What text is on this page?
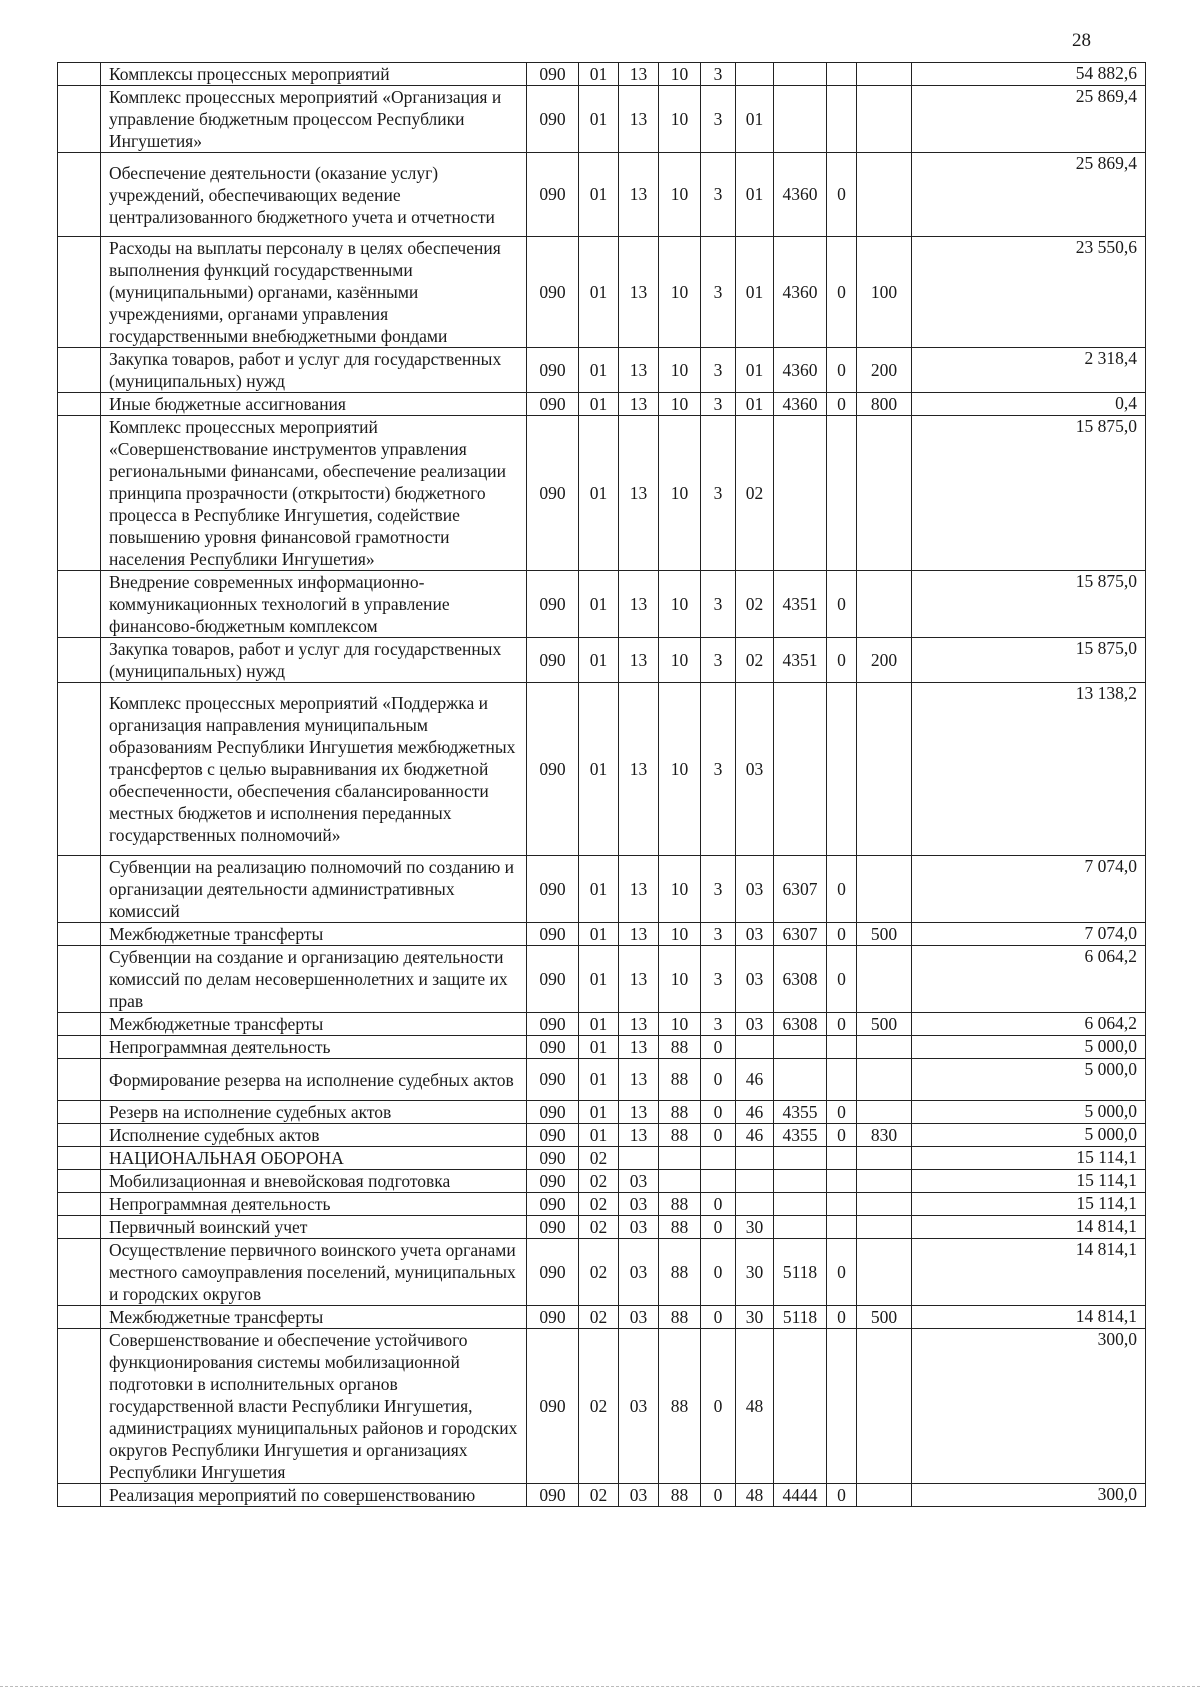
28
	Комплексы процессных мероприятий	090	01	13	10	3					54 882,6
	Комплекс процессных мероприятий «Организация и управление бюджетным процессом Республики Ингушетия»	090	01	13	10	3	01				25 869,4
	Обеспечение деятельности (оказание услуг) учреждений, обеспечивающих ведение централизованного бюджетного учета и отчетности	090	01	13	10	3	01	4360	0		25 869,4
	Расходы на выплаты персоналу в целях обеспечения выполнения функций государственными (муниципальными) органами, казёнными учреждениями, органами управления государственными внебюджетными фондами	090	01	13	10	3	01	4360	0	100	23 550,6
	Закупка товаров, работ и услуг для государственных (муниципальных) нужд	090	01	13	10	3	01	4360	0	200	2 318,4
	Иные бюджетные ассигнования	090	01	13	10	3	01	4360	0	800	0,4
	Комплекс процессных мероприятий «Совершенствование инструментов управления региональными финансами, обеспечение реализации принципа прозрачности (открытости) бюджетного процесса в Республике Ингушетия, содействие повышению уровня финансовой грамотности населения Республики Ингушетия»	090	01	13	10	3	02				15 875,0
	Внедрение современных информационно-коммуникационных технологий в управление финансово-бюджетным комплексом	090	01	13	10	3	02	4351	0		15 875,0
	Закупка товаров, работ и услуг для государственных (муниципальных) нужд	090	01	13	10	3	02	4351	0	200	15 875,0
	Комплекс процессных мероприятий «Поддержка и организация направления муниципальным образованиям Республики Ингушетия межбюджетных трансфертов с целью выравнивания их бюджетной обеспеченности, обеспечения сбалансированности местных бюджетов и исполнения переданных государственных полномочий»	090	01	13	10	3	03				13 138,2
	Субвенции на реализацию полномочий по созданию и организации деятельности административных комиссий	090	01	13	10	3	03	6307	0		7 074,0
	Межбюджетные трансферты	090	01	13	10	3	03	6307	0	500	7 074,0
	Субвенции на создание и организацию деятельности комиссий по делам несовершеннолетних и защите их прав	090	01	13	10	3	03	6308	0		6 064,2
	Межбюджетные трансферты	090	01	13	10	3	03	6308	0	500	6 064,2
	Непрограммная деятельность	090	01	13	88	0					5 000,0
	Формирование резерва на исполнение судебных актов	090	01	13	88	0	46				5 000,0
	Резерв на исполнение судебных актов	090	01	13	88	0	46	4355	0		5 000,0
	Исполнение судебных актов	090	01	13	88	0	46	4355	0	830	5 000,0
	НАЦИОНАЛЬНАЯ ОБОРОНА	090	02								15 114,1
	Мобилизационная и вневойсковая подготовка	090	02	03							15 114,1
	Непрограммная деятельность	090	02	03	88	0					15 114,1
	Первичный воинский учет	090	02	03	88	0	30				14 814,1
	Осуществление первичного воинского учета органами местного самоуправления поселений, муниципальных и городских округов	090	02	03	88	0	30	5118	0		14 814,1
	Межбюджетные трансферты	090	02	03	88	0	30	5118	0	500	14 814,1
	Совершенствование и обеспечение устойчивого функционирования системы мобилизационной подготовки в исполнительных органов государственной власти Республики Ингушетия, администрациях муниципальных районов и городских округов Республики Ингушетия и организациях Республики Ингушетия	090	02	03	88	0	48				300,0
	Реализация мероприятий по совершенствованию	090	02	03	88	0	48	4444	0		300,0
